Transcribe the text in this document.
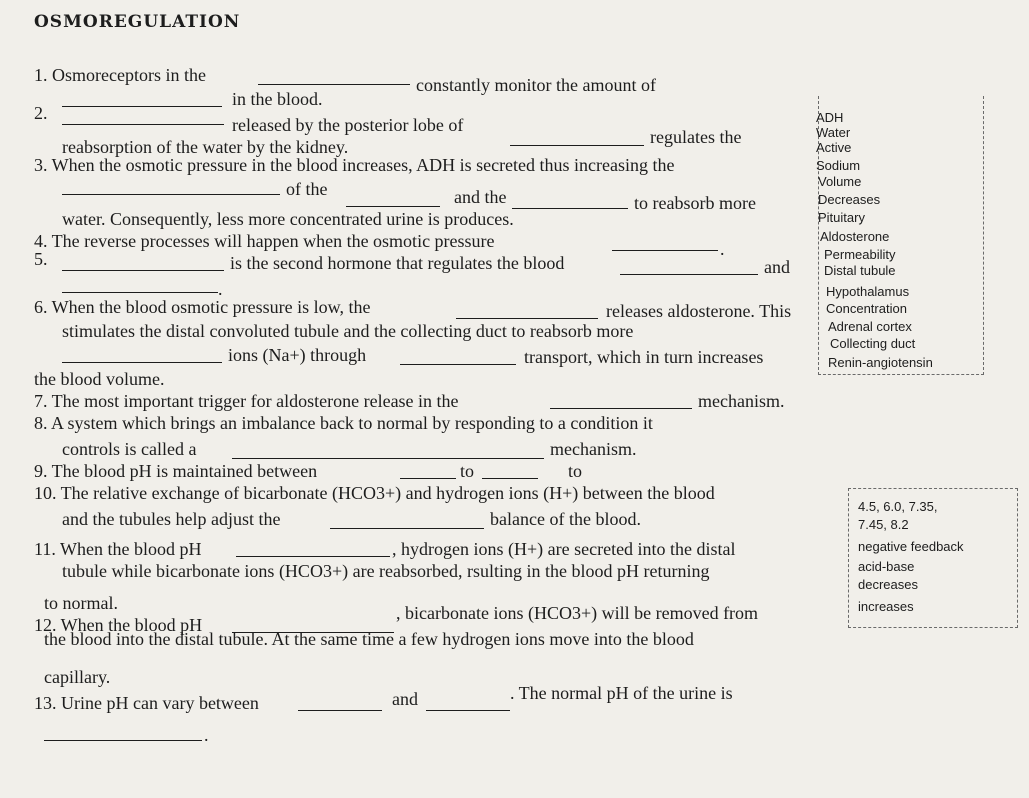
OSMOREGULATION
1. Osmoreceptors in the	constantly monitor the amount of
in the blood.
2.
released by the posterior lobe of
regulates the
reabsorption of the water by the kidney.
3. When the osmotic pressure in the blood increases, ADH is secreted thus increasing the
of the	and the	to reabsorb more
water. Consequently, less more concentrated urine is produces.
4. The reverse processes will happen when the osmotic pressure	.
5.	is the second hormone that regulates the blood	and
.
6. When the blood osmotic pressure is low, the	releases aldosterone. This
stimulates the distal convoluted tubule and the collecting duct to reabsorb more
ions (Na+) through	transport, which in turn increases
the blood volume.
7. The most important trigger for aldosterone release in the	mechanism.
8. A system which brings an imbalance back to normal by responding to a condition it
controls is called a	mechanism.
9. The blood pH is maintained between	to	to
10. The relative exchange of bicarbonate (HCO3+) and hydrogen ions (H+) between the blood
and the tubules help adjust the	balance of the blood.
11. When the blood pH	, hydrogen ions (H+) are secreted into the distal
tubule while bicarbonate ions (HCO3+) are reabsorbed, rsulting in the blood pH returning
to normal.
12. When the blood pH
, bicarbonate ions (HCO3+) will be removed from
the blood into the distal tubule. At the same time a few hydrogen ions move into the blood
capillary.
13. Urine pH can vary between	and	. The normal pH of the urine is
.
ADH
Water
Active
Sodium
Volume
Decreases
Pituitary
Aldosterone
Permeability
Distal tubule
Hypothalamus
Concentration
Adrenal cortex
Collecting duct
Renin-angiotensin
4.5, 6.0, 7.35,
7.45, 8.2
negative feedback
acid-base
decreases
increases
